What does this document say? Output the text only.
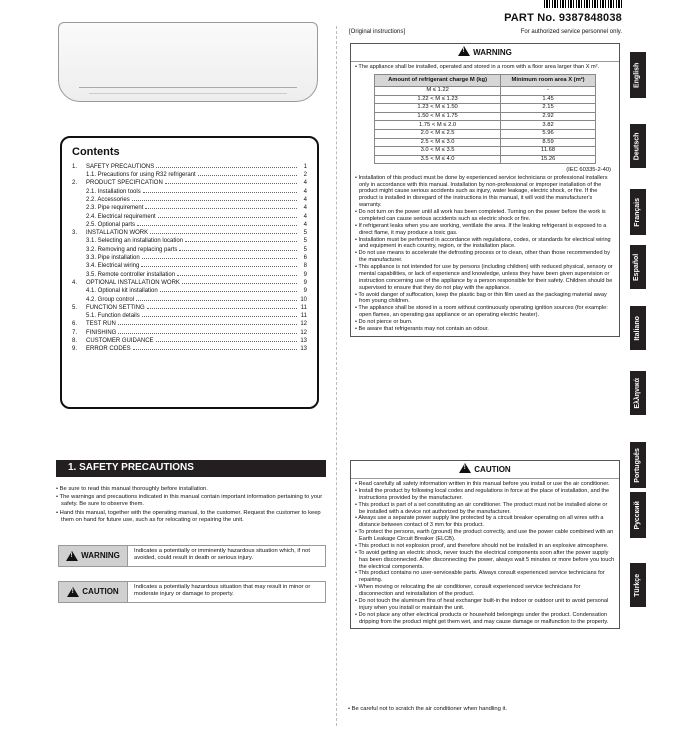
PART No. 9387848038
[Original instructions]	For authorized service personnel only.
Contents
1.	SAFETY PRECAUTIONS	1
1.1. Precautions for using R32 refrigerant	2
2.	PRODUCT SPECIFICATION	4
2.1. Installation tools	4
2.2. Accessories	4
2.3. Pipe requirement	4
2.4. Electrical requirement	4
2.5. Optional parts	4
3.	INSTALLATION WORK	5
3.1. Selecting an installation location	5
3.2. Removing and replacing parts	5
3.3. Pipe installation	6
3.4. Electrical wiring	8
3.5. Remote controller installation	9
4.	OPTIONAL INSTALLATION WORK	9
4.1. Optional kit installation	9
4.2. Group control	10
5.	FUNCTION SETTING	11
5.1. Function details	11
6.	TEST RUN	12
7.	FINISHING	12
8.	CUSTOMER GUIDANCE	13
9.	ERROR CODES	13
1. SAFETY PRECAUTIONS
• Be sure to read this manual thoroughly before installation.
• The warnings and precautions indicated in this manual contain important information pertaining to your safety. Be sure to observe them.
• Hand this manual, together with the operating manual, to the customer. Request the customer to keep them on hand for future use, such as for relocating or repairing the unit.
!
WARNING	Indicates a potentially or imminently hazardous situation which, if not avoided, could result in death or serious injury.
!
CAUTION	Indicates a potentially hazardous situation that may result in minor or moderate injury or damage to property.
!WARNING

• The appliance shall be installed, operated and stored in a room with a floor area larger than X m².

Amount of refrigerant charge M (kg)	Minimum room area X (m²)
M ≤ 1.22	-
1.22 < M ≤ 1.23	1.45
1.23 < M ≤ 1.50	2.15
1.50 < M ≤ 1.75	2.92
1.75 < M ≤ 2.0	3.82
2.0 < M ≤ 2.5	5.96
2.5 < M ≤ 3.0	8.59
3.0 < M ≤ 3.5	11.68
3.5 < M ≤ 4.0	15.26
(IEC 60335-2-40)

• Installation of this product must be done by experienced service technicians or professional installers only in accordance with this manual. Installation by non-professional or improper installation of the product might cause serious accidents such as injury, water leakage, electric shock, or fire. If the product is installed in disregard of the instructions in this manual, it will void the manufacturer's warranty.

• Do not turn on the power until all work has been completed. Turning on the power before the work is completed can cause serious accidents such as electric shock or fire.

• If refrigerant leaks when you are working, ventilate the area. If the leaking refrigerant is exposed to a direct flame, it may produce a toxic gas.

• Installation must be performed in accordance with regulations, codes, or standards for electrical wiring and equipment in each country, region, or the installation place.

• Do not use means to accelerate the defrosting process or to clean, other than those recommended by the manufacturer.

• This appliance is not intended for use by persons (including children) with reduced physical, sensory or mental capabilities, or lack of experience and knowledge, unless they have been given supervision or instruction concerning use of the appliance by a person responsible for their safety. Children should be supervised to ensure that they do not play with the appliance.

• To avoid danger of suffocation, keep the plastic bag or thin film used as the packaging material away from young children.

• The appliance shall be stored in a room without continuously operating ignition sources (for example: open flames, an operating gas appliance or an operating electric heater).

• Do not pierce or burn.

• Be aware that refrigerants may not contain an odour.

!CAUTION

• Read carefully all safety information written in this manual before you install or use the air conditioner.

• Install the product by following local codes and regulations in force at the place of installation, and the instructions provided by the manufacturer.

• This product is part of a set constituting an air conditioner. The product must not be installed alone or be installed with a device not authorized by the manufacturer.

• Always use a separate power supply line protected by a circuit breaker operating on all wires with a distance between contact of 3 mm for this product.

• To protect the persons, earth (ground) the product correctly, and use the power cable combined with an Earth Leakage Circuit Breaker (ELCB).

• This product is not explosion proof, and therefore should not be installed in an explosive atmosphere.

• To avoid getting an electric shock, never touch the electrical components soon after the power supply has been disconnected. After disconnecting the power, always wait 5 minutes or more before you touch the electrical components.

• This product contains no user-serviceable parts. Always consult experienced service technicians for repairing.

• When moving or relocating the air conditioner, consult experienced service technicians for disconnection and reinstallation of the product.

• Do not touch the aluminum fins of heat exchanger built-in the indoor or outdoor unit to avoid personal injury when you install or maintain the unit.

• Do not place any other electrical products or household belongings under the product. Condensation dripping from the product might get them wet, and may cause damage or malfunction to the property.

• Be careful not to scratch the air conditioner when handling it.
English
Deutsch
Français
Español
Italiano
Ελληνικά
Português
Русский
Türkçe
